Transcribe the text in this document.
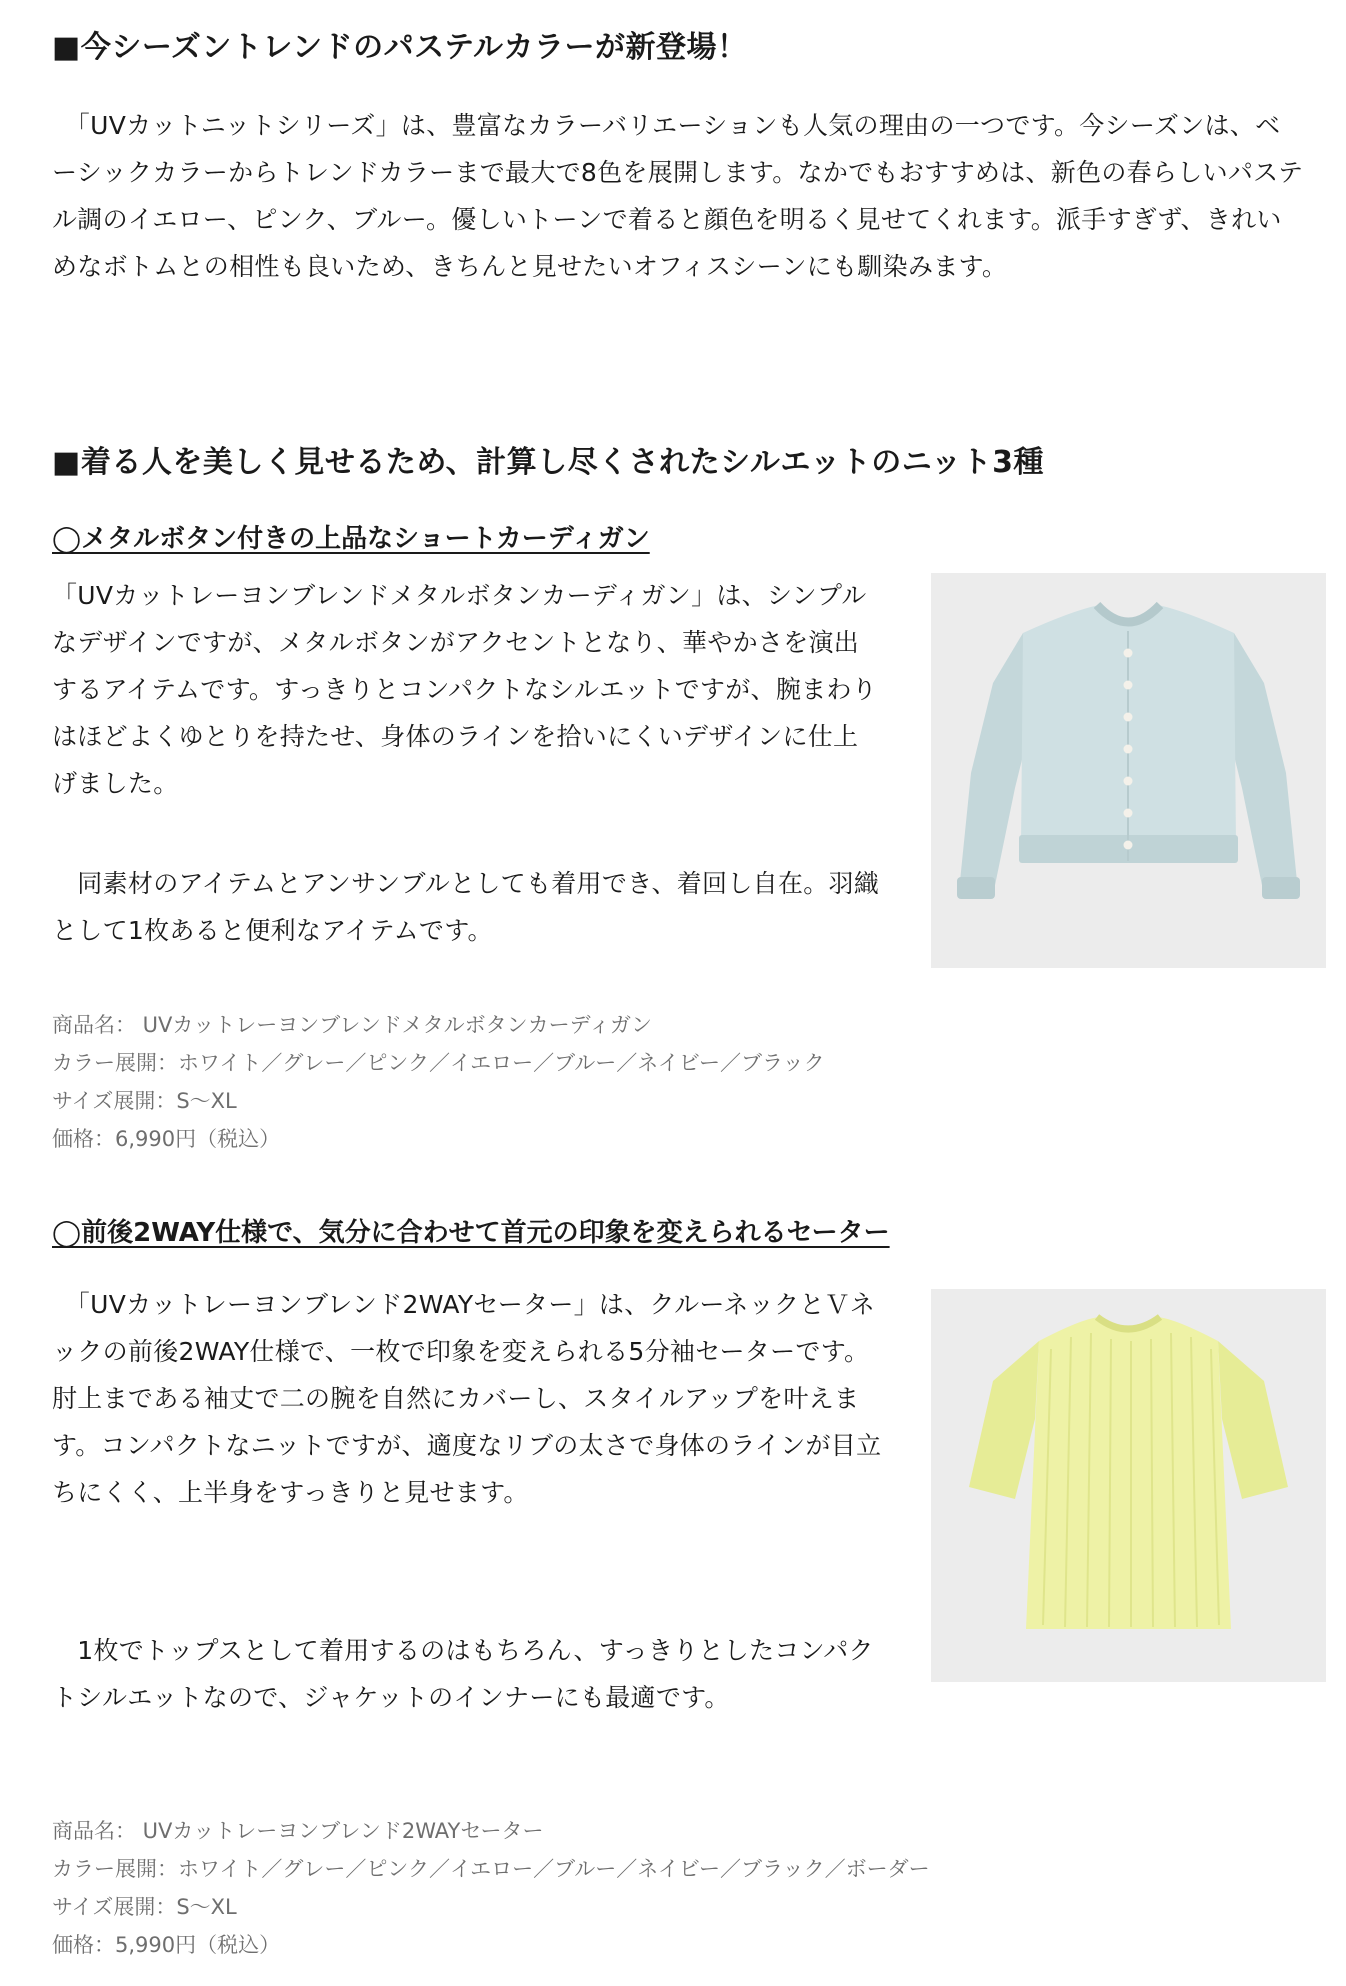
■今シーズントレンドのパステルカラーが新登場！

　「UVカットニットシリーズ」は、豊富なカラーバリエーションも人気の理由の一つです。今シーズンは、ベーシックカラーからトレンドカラーまで最大で8色を展開します。なかでもおすすめは、新色の春らしいパステル調のイエロー、ピンク、ブルー。優しいトーンで着ると顔色を明るく見せてくれます。派手すぎず、きれいめなボトムとの相性も良いため、きちんと見せたいオフィスシーンにも馴染みます。

■着る人を美しく見せるため、計算し尽くされたシルエットのニット3種
◯メタルボタン付きの上品なショートカーディガン

「UVカットレーヨンブレンドメタルボタンカーディガン」は、シンプルなデザインですが、メタルボタンがアクセントとなり、華やかさを演出するアイテムです。すっきりとコンパクトなシルエットですが、腕まわりはほどよくゆとりを持たせ、身体のラインを拾いにくいデザインに仕上げました。

　同素材のアイテムとアンサンブルとしても着用でき、着回し自在。羽織として1枚あると便利なアイテムです。

商品名： UVカットレーヨンブレンドメタルボタンカーディガン
カラー展開：ホワイト／グレー／ピンク／イエロー／ブルー／ネイビー／ブラック
サイズ展開：S〜XL
価格：6,990円（税込）
◯前後2WAY仕様で、気分に合わせて首元の印象を変えられるセーター

　「UVカットレーヨンブレンド2WAYセーター」は、クルーネックとＶネックの前後2WAY仕様で、一枚で印象を変えられる5分袖セーターです。肘上まである袖丈で二の腕を自然にカバーし、スタイルアップを叶えます。コンパクトなニットですが、適度なリブの太さで身体のラインが目立ちにくく、上半身をすっきりと見せます。

　1枚でトップスとして着用するのはもちろん、すっきりとしたコンパクトシルエットなので、ジャケットのインナーにも最適です。

商品名： UVカットレーヨンブレンド2WAYセーター
カラー展開：ホワイト／グレー／ピンク／イエロー／ブルー／ネイビー／ブラック／ボーダー
サイズ展開：S〜XL
価格：5,990円（税込）
